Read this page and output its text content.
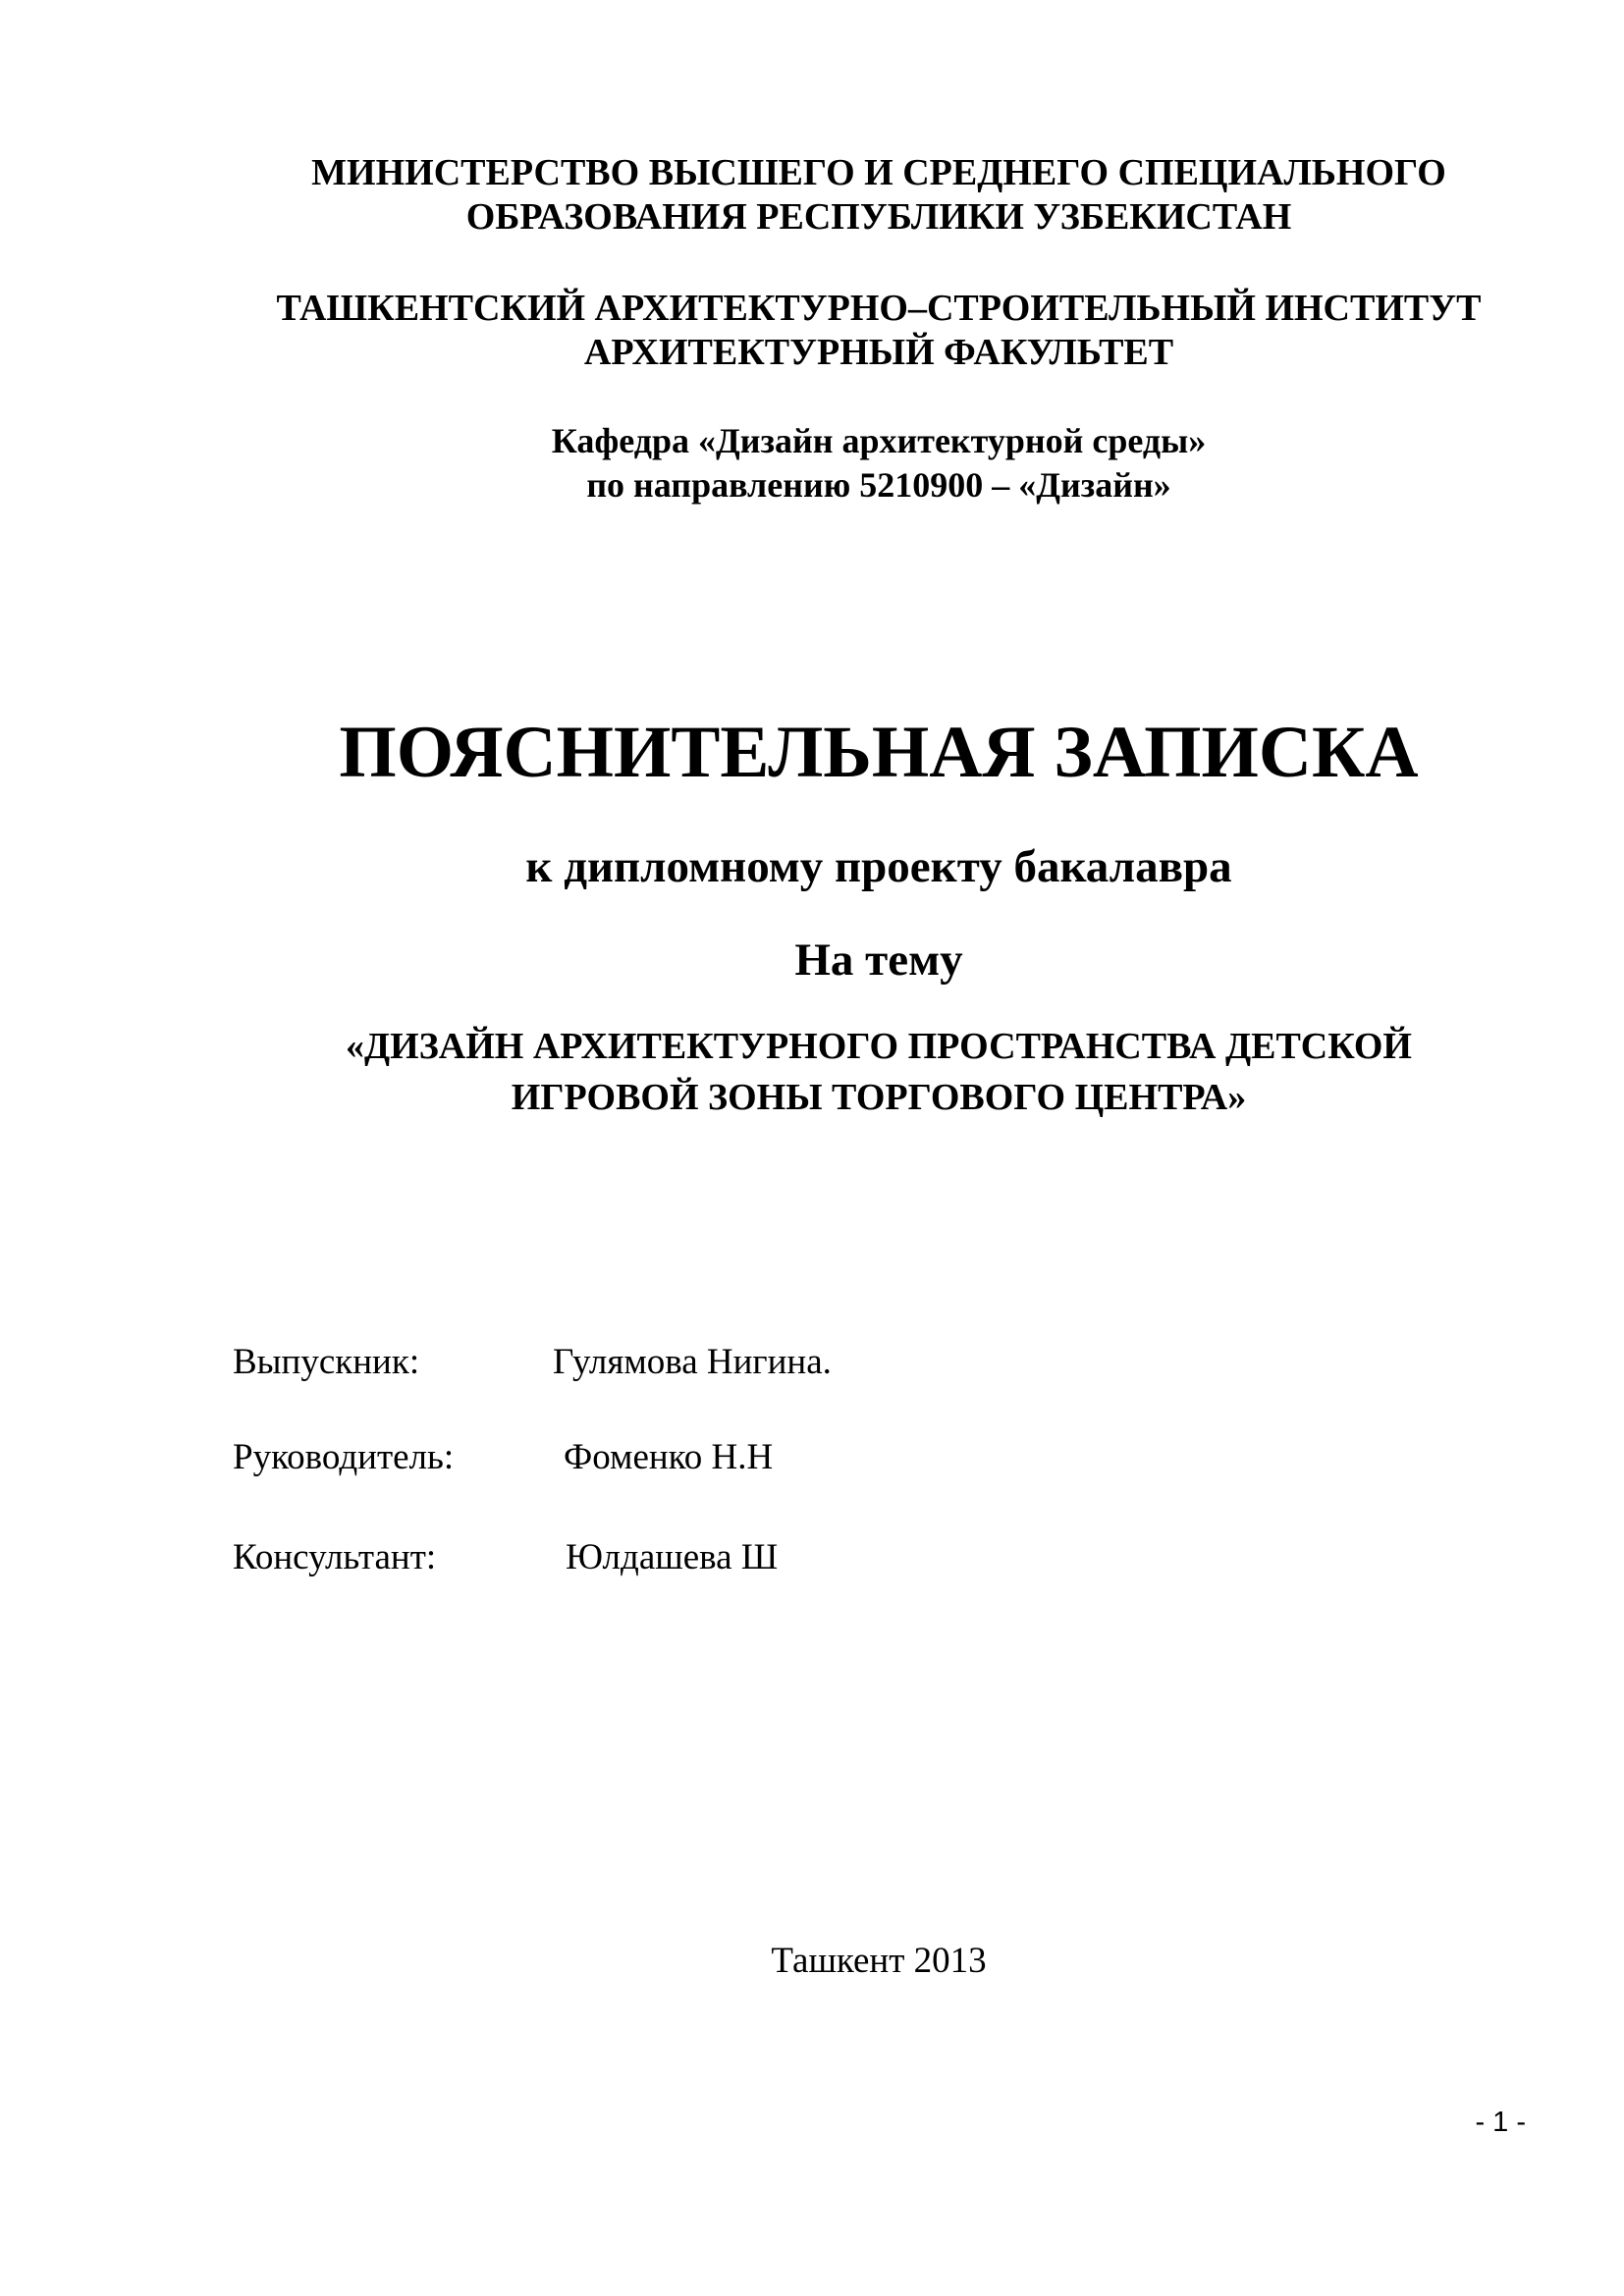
МИНИСТЕРСТВО ВЫСШЕГО И СРЕДНЕГО СПЕЦИАЛЬНОГО
ОБРАЗОВАНИЯ РЕСПУБЛИКИ УЗБЕКИСТАН
ТАШКЕНТСКИЙ АРХИТЕКТУРНО–СТРОИТЕЛЬНЫЙ ИНСТИТУТ
АРХИТЕКТУРНЫЙ ФАКУЛЬТЕТ
Кафедра «Дизайн архитектурной среды»
по направлению 5210900 – «Дизайн»
ПОЯСНИТЕЛЬНАЯ ЗАПИСКА
к дипломному проекту бакалавра
На тему
«ДИЗАЙН АРХИТЕКТУРНОГО ПРОСТРАНСТВА ДЕТСКОЙ
ИГРОВОЙ ЗОНЫ ТОРГОВОГО ЦЕНТРА»
Выпускник:	Гулямова Нигина.
Руководитель:	Фоменко Н.Н
Консультант:	Юлдашева Ш
Ташкент 2013
- 1 -
